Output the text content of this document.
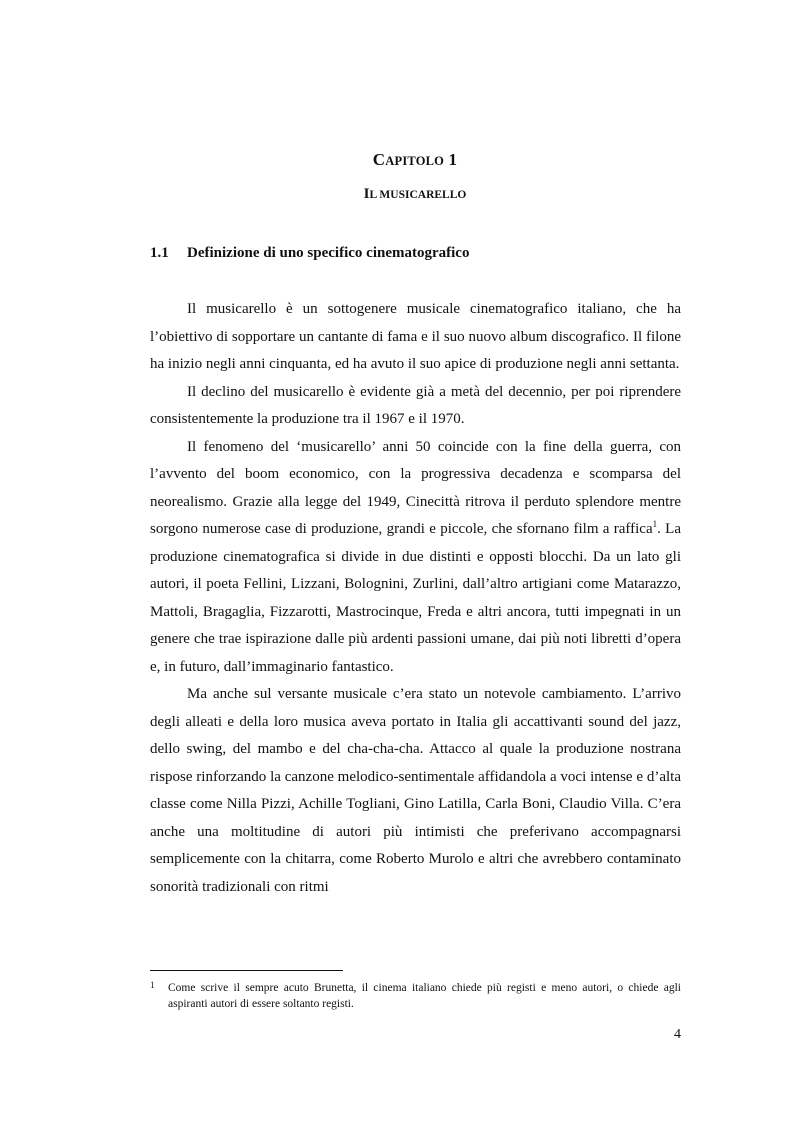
CAPITOLO 1
IL MUSICARELLO
1.1 Definizione di uno specifico cinematografico

Il musicarello è un sottogenere musicale cinematografico italiano, che ha l’obiettivo di sopportare un cantante di fama e il suo nuovo album discografico. Il filone ha inizio negli anni cinquanta, ed ha avuto il suo apice di produzione negli anni settanta.

Il declino del musicarello è evidente già a metà del decennio, per poi riprendere consistentemente la produzione tra il 1967 e il 1970.

Il fenomeno del ‘musicarello’ anni 50 coincide con la fine della guerra, con l’avvento del boom economico, con la progressiva decadenza e scomparsa del neorealismo. Grazie alla legge del 1949, Cinecittà ritrova il perduto splendore mentre sorgono numerose case di produzione, grandi e piccole, che sfornano film a raffica$^1$. La produzione cinematografica si divide in due distinti e opposti blocchi. Da un lato gli autori, il poeta Fellini, Lizzani, Bolognini, Zurlini, dall’altro artigiani come Matarazzo, Mattoli, Bragaglia, Fizzarotti, Mastrocinque, Freda e altri ancora, tutti impegnati in un genere che trae ispirazione dalle più ardenti passioni umane, dai più noti libretti d’opera e, in futuro, dall’immaginario fantastico.

Ma anche sul versante musicale c’era stato un notevole cambiamento. L’arrivo degli alleati e della loro musica aveva portato in Italia gli accattivanti sound del jazz, dello swing, del mambo e del cha-cha-cha. Attacco al quale la produzione nostrana rispose rinforzando la canzone melodico-sentimentale affidandola a voci intense e d’alta classe come Nilla Pizzi, Achille Togliani, Gino Latilla, Carla Boni, Claudio Villa. C’era anche una moltitudine di autori più intimisti che preferivano accompagnarsi semplicemente con la chitarra, come Roberto Murolo e altri che avrebbero contaminato sonorità tradizionali con ritmi

1 Come scrive il sempre acuto Brunetta, il cinema italiano chiede più registi e meno autori, o chiede agli aspiranti autori di essere soltanto registi.
4
